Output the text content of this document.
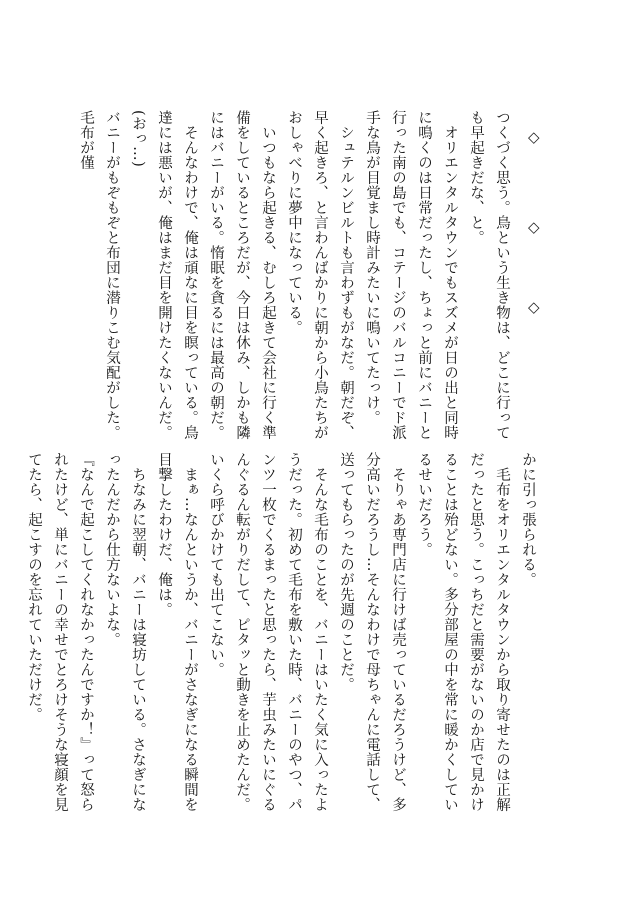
◇
◇
◇

つくづく思う。鳥という生き物は、どこに行っても早起きだな、と。

オリエンタルタウンでもスズメが日の出と同時に鳴くのは日常だったし、ちょっと前にバニーと行った南の島でも、コテージのバルコニーでド派手な鳥が目覚まし時計みたいに鳴いてたっけ。

シュテルンビルトも言わずもがなだ。朝だぞ、早く起きろ、と言わんばかりに朝から小鳥たちがおしゃべりに夢中になっている。

いつもなら起きる、むしろ起きて会社に行く準備をしているところだが、今日は休み、しかも隣にはバニーがいる。惰眠を貪るには最高の朝だ。

そんなわけで、俺は頑なに目を瞑っている。鳥達には悪いが、俺はまだ目を開けたくないんだ。

(おっ…)

バニーがもぞもぞと布団に潜りこむ気配がした。毛布が僅

かに引っ張られる。

毛布をオリエンタルタウンから取り寄せたのは正解だったと思う。こっちだと需要がないのか店で見かけることは殆どない。多分部屋の中を常に暖かくしているせいだろう。

そりゃあ専門店に行けば売っているだろうけど、多分高いだろうし…そんなわけで母ちゃんに電話して、送ってもらったのが先週のことだ。

そんな毛布のことを、バニーはいたく気に入ったようだった。初めて毛布を敷いた時、バニーのやつ、パンツ一枚でくるまったと思ったら、芋虫みたいにぐるんぐるん転がりだして、ピタッと動きを止めたんだ。いくら呼びかけても出てこない。

まぁ…なんというか、バニーがさなぎになる瞬間を目撃したわけだ、俺は。

ちなみに翌朝、バニーは寝坊している。さなぎになったんだから仕方ないよな。

『なんで起こしてくれなかったんですか！』って怒られたけど、単にバニーの幸せでとろけそうな寝顔を見てたら、起こすのを忘れていただけだ。
